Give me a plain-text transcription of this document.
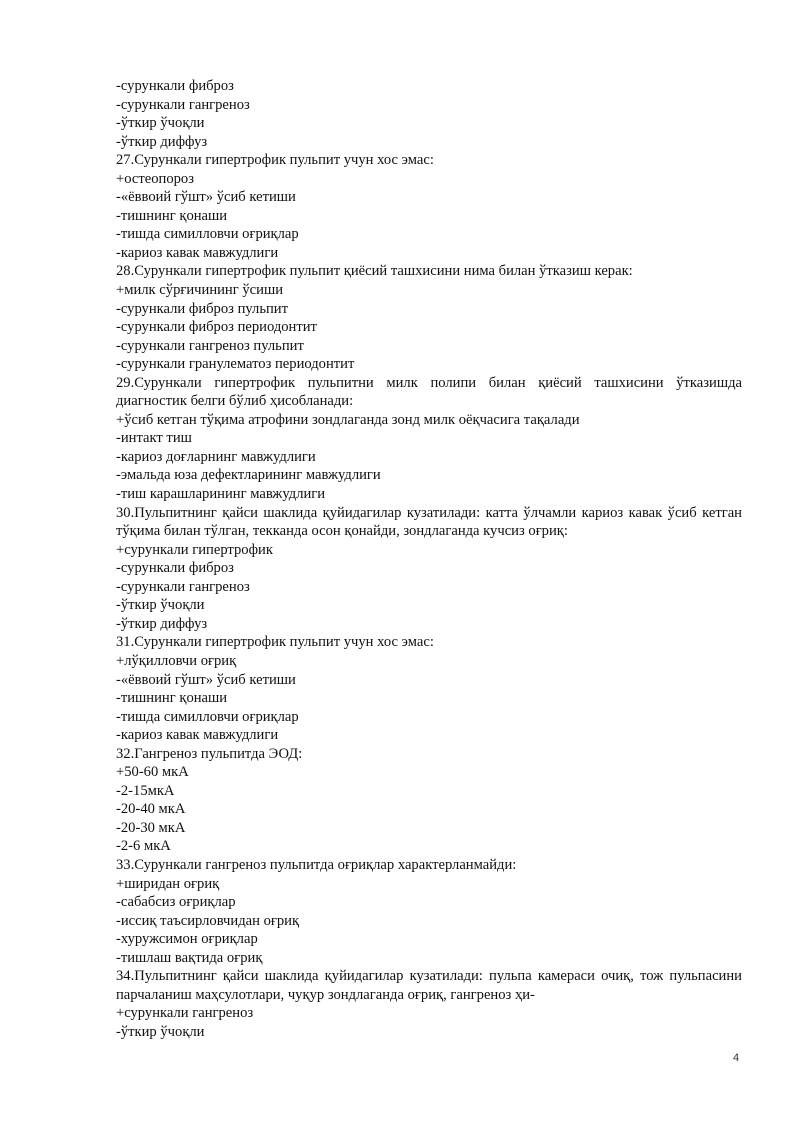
-сурункали фиброз
-сурункали гангреноз
-ўткир ўчоқли
-ўткир диффуз
27.Сурункали гипертрофик пульпит учун хос эмас:
+остеопороз
-«ёввоий гўшт» ўсиб кетиши
-тишнинг қонаши
-тишда симилловчи оғриқлар
-кариоз кавак мавжудлиги
28.Сурункали гипертрофик пульпит қиёсий ташхисини нима билан ўтказиш керак:
+милк сўрғичининг ўсиши
-сурункали фиброз пульпит
-сурункали фиброз периодонтит
-сурункали гангреноз пульпит
-сурункали гранулематоз периодонтит
29.Сурункали гипертрофик пульпитни милк полипи билан қиёсий ташхисини ўтказишда диагностик белги бўлиб ҳисобланади:
+ўсиб кетган тўқима атрофини зондлаганда зонд милк оёқчасига тақалади
-интакт тиш
-кариоз доғларнинг мавжудлиги
-эмальда юза дефектларининг мавжудлиги
-тиш карашларининг мавжудлиги
30.Пульпитнинг қайси шаклида қуйидагилар кузатилади: катта ўлчамли кариоз кавак ўсиб кетган тўқима билан тўлган, текканда осон қонайди, зондлаганда кучсиз оғриқ:
+сурункали гипертрофик
-сурункали фиброз
-сурункали гангреноз
-ўткир ўчоқли
-ўткир диффуз
31.Сурункали гипертрофик пульпит учун хос эмас:
+лўқилловчи оғриқ
-«ёввоий гўшт» ўсиб кетиши
-тишнинг қонаши
-тишда симилловчи оғриқлар
-кариоз кавак мавжудлиги
32.Гангреноз пульпитда ЭОД:
+50-60 мкА
-2-15мкА
-20-40 мкА
-20-30 мкА
-2-6 мкА
33.Сурункали гангреноз пульпитда оғриқлар характерланмайди:
+ширидан оғриқ
-сабабсиз оғриқлар
-иссиқ таъсирловчидан оғриқ
-хуружсимон оғриқлар
-тишлаш вақтида оғриқ
34.Пульпитнинг қайси шаклида қуйидагилар кузатилади: пульпа камераси очиқ, тож пульпасини парчаланиш маҳсулотлари, чуқур зондлаганда оғриқ, гангреноз ҳи-
+сурункали гангреноз
-ўткир ўчоқли
4
